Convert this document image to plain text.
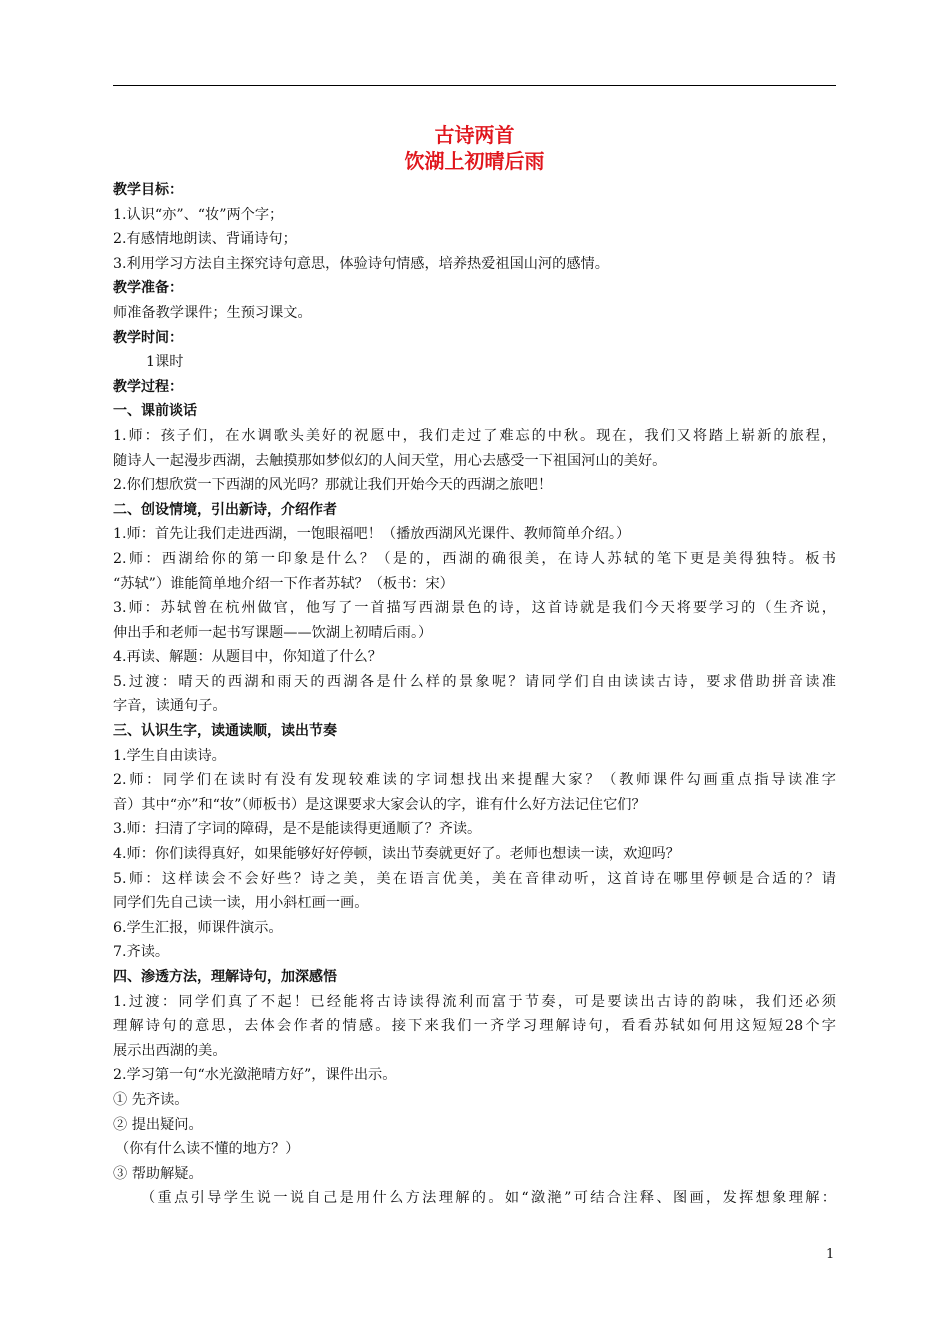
古诗两首
饮湖上初晴后雨
教学目标：
1.认识“亦”、“妆”两个字；
2.有感情地朗读、背诵诗句；
3.利用学习方法自主探究诗句意思，体验诗句情感，培养热爱祖国山河的感情。
教学准备：
师准备教学课件；生预习课文。
教学时间：
1课时
教学过程：
一、课前谈话
1.师：孩子们，在水调歌头美好的祝愿中，我们走过了难忘的中秋。现在，我们又将踏上崭新的旅程，
随诗人一起漫步西湖，去触摸那如梦似幻的人间天堂，用心去感受一下祖国河山的美好。
2.你们想欣赏一下西湖的风光吗？那就让我们开始今天的西湖之旅吧！
二、创设情境，引出新诗，介绍作者
1.师：首先让我们走进西湖，一饱眼福吧！（播放西湖风光课件、教师简单介绍。）
2.师：西湖给你的第一印象是什么？（是的，西湖的确很美，在诗人苏轼的笔下更是美得独特。板书
“苏轼”）谁能简单地介绍一下作者苏轼？（板书：宋）
3.师：苏轼曾在杭州做官，他写了一首描写西湖景色的诗，这首诗就是我们今天将要学习的（生齐说，
伸出手和老师一起书写课题——饮湖上初晴后雨。）
4.再读、解题：从题目中，你知道了什么？
5.过渡：晴天的西湖和雨天的西湖各是什么样的景象呢？请同学们自由读读古诗，要求借助拼音读准
字音，读通句子。
三、认识生字，读通读顺，读出节奏
1.学生自由读诗。
2.师：同学们在读时有没有发现较难读的字词想找出来提醒大家？（教师课件勾画重点指导读准字
音）其中“亦”和“妆”（师板书）是这课要求大家会认的字，谁有什么好方法记住它们？
3.师：扫清了字词的障碍，是不是能读得更通顺了？齐读。
4.师：你们读得真好，如果能够好好停顿，读出节奏就更好了。老师也想读一读，欢迎吗？
5.师：这样读会不会好些？诗之美，美在语言优美，美在音律动听，这首诗在哪里停顿是合适的？请
同学们先自己读一读，用小斜杠画一画。
6.学生汇报，师课件演示。
7.齐读。
四、渗透方法，理解诗句，加深感悟
1.过渡：同学们真了不起！已经能将古诗读得流利而富于节奏，可是要读出古诗的韵味，我们还必须
理解诗句的意思，去体会作者的情感。接下来我们一齐学习理解诗句，看看苏轼如何用这短短28个字
展示出西湖的美。
2.学习第一句“水光潋滟晴方好”，课件出示。
① 先齐读。
② 提出疑问。
（你有什么读不懂的地方？）
③ 帮助解疑。
（重点引导学生说一说自己是用什么方法理解的。如“潋滟”可结合注释、图画，发挥想象理解：
1
